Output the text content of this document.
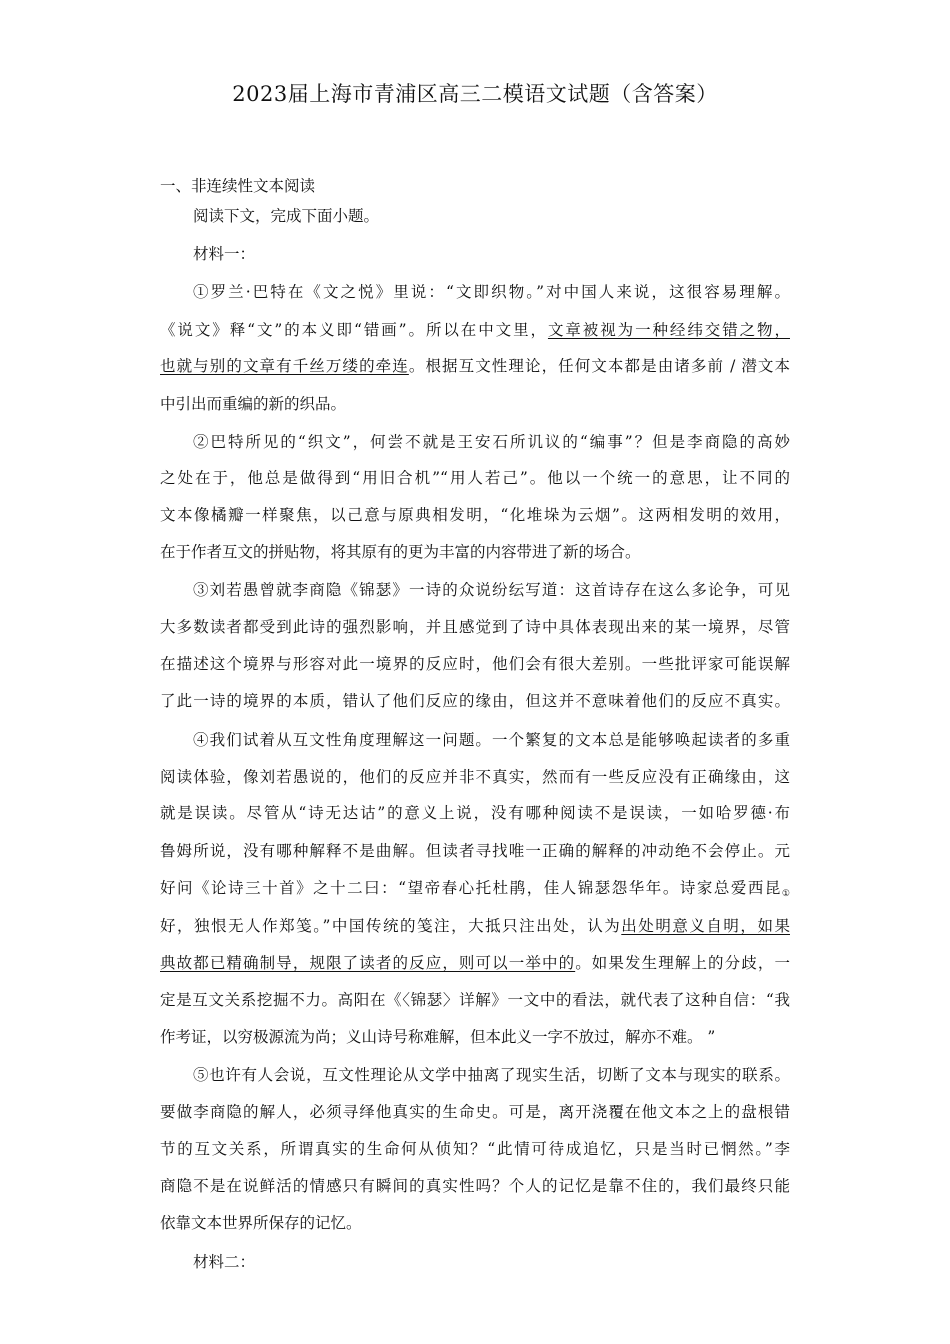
2023届上海市青浦区高三二模语文试题（含答案）
一、非连续性文本阅读
阅读下文，完成下面小题。
材料一：
①罗兰·巴特在《文之悦》里说：“文即织物。”对中国人来说，这很容易理解。
《说文》释“文”的本义即“错画”。所以在中文里，文章被视为一种经纬交错之物，
也就与别的文章有千丝万缕的牵连。根据互文性理论，任何文本都是由诸多前 / 潜文本
中引出而重编的新的织品。
②巴特所见的“织文”，何尝不就是王安石所讥议的“编事”？但是李商隐的高妙
之处在于，他总是做得到“用旧合机”“用人若己”。他以一个统一的意思，让不同的
文本像橘瓣一样聚焦，以己意与原典相发明，“化堆垛为云烟”。这两相发明的效用，
在于作者互文的拼贴物，将其原有的更为丰富的内容带进了新的场合。
③刘若愚曾就李商隐《锦瑟》一诗的众说纷纭写道：这首诗存在这么多论争，可见
大多数读者都受到此诗的强烈影响，并且感觉到了诗中具体表现出来的某一境界，尽管
在描述这个境界与形容对此一境界的反应时，他们会有很大差别。一些批评家可能误解
了此一诗的境界的本质，错认了他们反应的缘由，但这并不意味着他们的反应不真实。
④我们试着从互文性角度理解这一问题。一个繁复的文本总是能够唤起读者的多重
阅读体验，像刘若愚说的，他们的反应并非不真实，然而有一些反应没有正确缘由，这
就是误读。尽管从“诗无达诂”的意义上说，没有哪种阅读不是误读，一如哈罗德·布
鲁姆所说，没有哪种解释不是曲解。但读者寻找唯一正确的解释的冲动绝不会停止。元
好问《论诗三十首》之十二曰：“望帝春心托杜鹃，佳人锦瑟怨华年。诗家总爱西昆$_①$
好，独恨无人作郑笺。”中国传统的笺注，大抵只注出处，认为出处明意义自明，如果
典故都已精确制导，规限了读者的反应，则可以一举中的。如果发生理解上的分歧，一
定是互文关系挖掘不力。高阳在《〈锦瑟〉详解》一文中的看法，就代表了这种自信：“我
作考证，以穷极源流为尚；义山诗号称难解，但本此义一字不放过，解亦不难。 ”
⑤也许有人会说，互文性理论从文学中抽离了现实生活，切断了文本与现实的联系。
要做李商隐的解人，必须寻绎他真实的生命史。可是，离开浇覆在他文本之上的盘根错
节的互文关系，所谓真实的生命何从侦知？“此情可待成追忆，只是当时已惘然。”李
商隐不是在说鲜活的情感只有瞬间的真实性吗？个人的记忆是靠不住的，我们最终只能
依靠文本世界所保存的记忆。
材料二：
